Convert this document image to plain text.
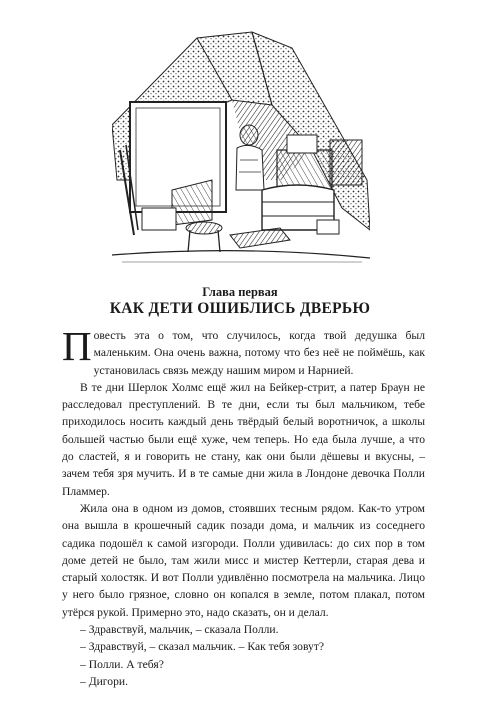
Глава первая
КАК ДЕТИ ОШИБЛИСЬ ДВЕРЬЮ

Повесть эта о том, что случилось, когда твой дедушка был маленьким. Она очень важна, потому что без неё не поймёшь, как установилась связь между нашим миром и Нарнией.

В те дни Шерлок Холмс ещё жил на Бейкер-стрит, а патер Браун не расследовал преступлений. В те дни, если ты был мальчиком, тебе приходилось носить каждый день твёрдый белый воротничок, а школы большей частью были ещё хуже, чем теперь. Но еда была лучше, а что до сластей, я и говорить не стану, как они были дёшевы и вкусны, – зачем тебя зря мучить. И в те самые дни жила в Лондоне девочка Полли Пламмер.

Жила она в одном из домов, стоявших тесным рядом. Как-то утром она вышла в крошечный садик позади дома, и мальчик из соседнего садика подошёл к самой изгороди. Полли удивилась: до сих пор в том доме детей не было, там жили мисс и мистер Кеттерли, старая дева и старый холостяк. И вот Полли удивлённо посмотрела на мальчика. Лицо у него было грязное, словно он копался в земле, потом плакал, потом утёрся рукой. Примерно это, надо сказать, он и делал.

– Здравствуй, мальчик, – сказала Полли.

– Здравствуй, – сказал мальчик. – Как тебя зовут?

– Полли. А тебя?

– Дигори.
